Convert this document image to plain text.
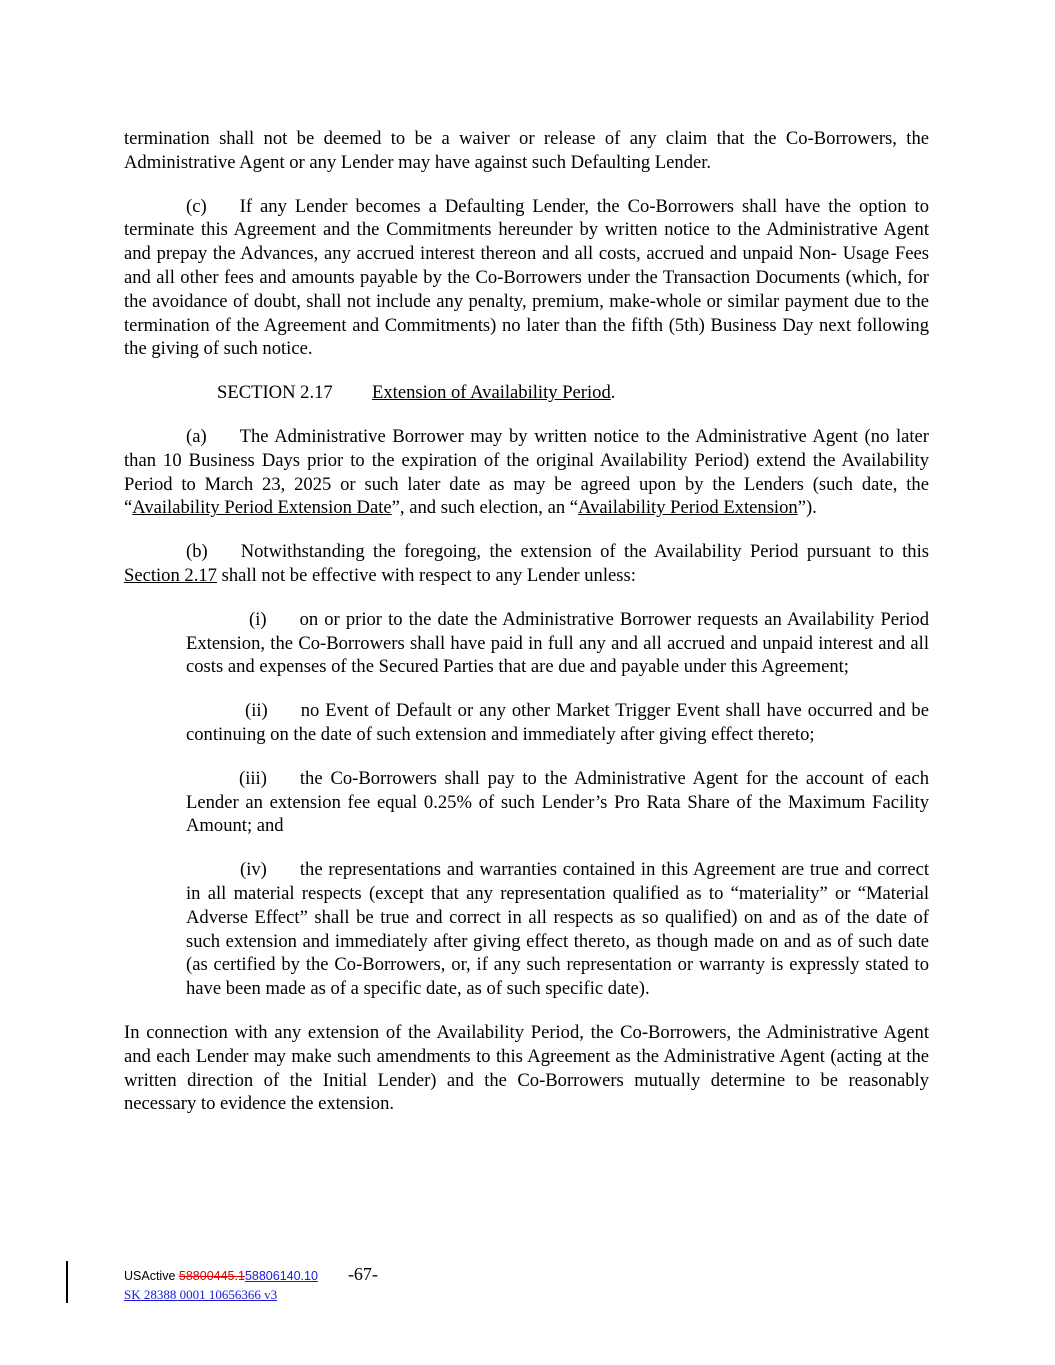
termination shall not be deemed to be a waiver or release of any claim that the Co-Borrowers, the Administrative Agent or any Lender may have against such Defaulting Lender.

(c) If any Lender becomes a Defaulting Lender, the Co-Borrowers shall have the option to terminate this Agreement and the Commitments hereunder by written notice to the Administrative Agent and prepay the Advances, any accrued interest thereon and all costs, accrued and unpaid Non- Usage Fees and all other fees and amounts payable by the Co-Borrowers under the Transaction Documents (which, for the avoidance of doubt, shall not include any penalty, premium, make-whole or similar payment due to the termination of the Agreement and Commitments) no later than the fifth (5th) Business Day next following the giving of such notice.

SECTION 2.17 Extension of Availability Period.

(a) The Administrative Borrower may by written notice to the Administrative Agent (no later than 10 Business Days prior to the expiration of the original Availability Period) extend the Availability Period to March 23, 2025 or such later date as may be agreed upon by the Lenders (such date, the “Availability Period Extension Date”, and such election, an “Availability Period Extension”).

(b) Notwithstanding the foregoing, the extension of the Availability Period pursuant to this Section 2.17 shall not be effective with respect to any Lender unless:

(i) on or prior to the date the Administrative Borrower requests an Availability Period Extension, the Co-Borrowers shall have paid in full any and all accrued and unpaid interest and all costs and expenses of the Secured Parties that are due and payable under this Agreement;

(ii) no Event of Default or any other Market Trigger Event shall have occurred and be continuing on the date of such extension and immediately after giving effect thereto;

(iii) the Co-Borrowers shall pay to the Administrative Agent for the account of each Lender an extension fee equal 0.25% of such Lender’s Pro Rata Share of the Maximum Facility Amount; and

(iv) the representations and warranties contained in this Agreement are true and correct in all material respects (except that any representation qualified as to “materiality” or “Material Adverse Effect” shall be true and correct in all respects as so qualified) on and as of the date of such extension and immediately after giving effect thereto, as though made on and as of such date (as certified by the Co-Borrowers, or, if any such representation or warranty is expressly stated to have been made as of a specific date, as of such specific date).

In connection with any extension of the Availability Period, the Co-Borrowers, the Administrative Agent and each Lender may make such amendments to this Agreement as the Administrative Agent (acting at the written direction of the Initial Lender) and the Co-Borrowers mutually determine to be reasonably necessary to evidence the extension.

USActive 58800445.158806140.10 -67-
SK 28388 0001 10656366 v3
